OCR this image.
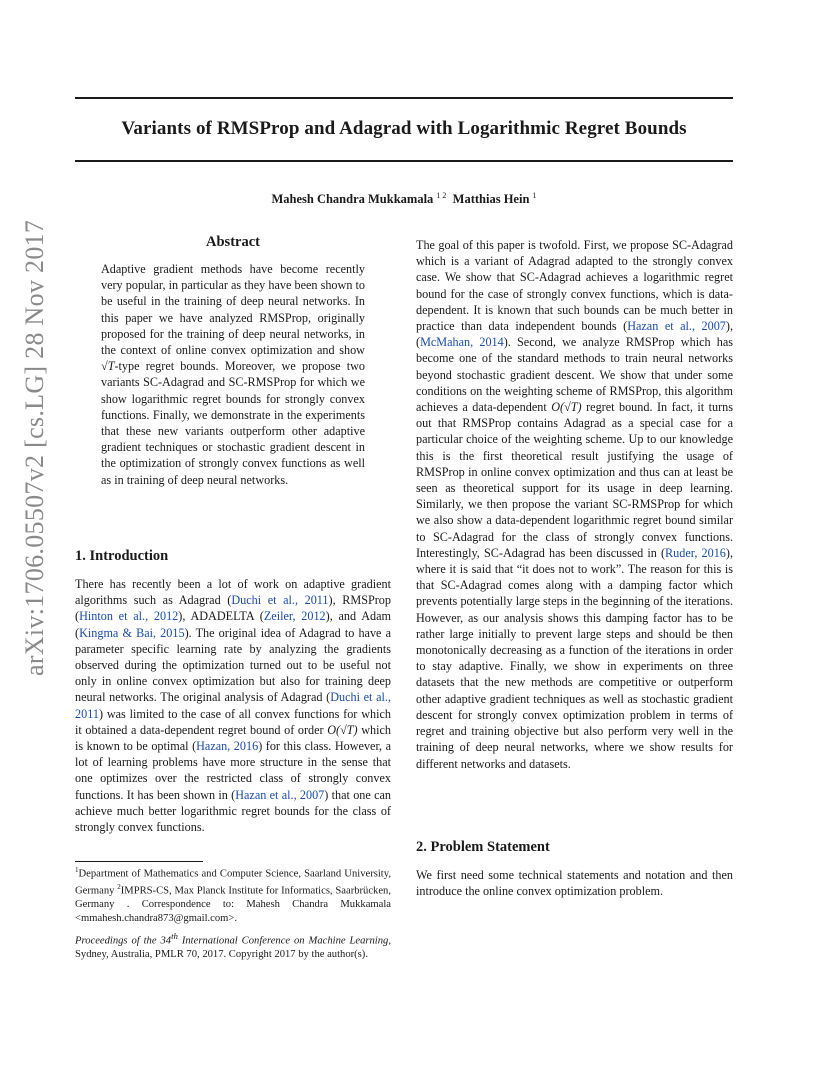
arXiv:1706.05507v2 [cs.LG] 28 Nov 2017
Variants of RMSProp and Adagrad with Logarithmic Regret Bounds
Mahesh Chandra Mukkamala $^{1 2}$ Matthias Hein $^1$
Abstract

Adaptive gradient methods have become recently very popular, in particular as they have been shown to be useful in the training of deep neural networks. In this paper we have analyzed RMSProp, originally proposed for the training of deep neural networks, in the context of online convex optimization and show √T-type regret bounds. Moreover, we propose two variants SC-Adagrad and SC-RMSProp for which we show logarithmic regret bounds for strongly convex functions. Finally, we demonstrate in the experiments that these new variants outperform other adaptive gradient techniques or stochastic gradient descent in the optimization of strongly convex functions as well as in training of deep neural networks.

1. Introduction

There has recently been a lot of work on adaptive gradient algorithms such as Adagrad (Duchi et al., 2011), RMSProp (Hinton et al., 2012), ADADELTA (Zeiler, 2012), and Adam (Kingma & Bai, 2015). The original idea of Adagrad to have a parameter specific learning rate by analyzing the gradients observed during the optimization turned out to be useful not only in online convex optimization but also for training deep neural networks. The original analysis of Adagrad (Duchi et al., 2011) was limited to the case of all convex functions for which it obtained a data-dependent regret bound of order O(√T) which is known to be optimal (Hazan, 2016) for this class. However, a lot of learning problems have more structure in the sense that one optimizes over the restricted class of strongly convex functions. It has been shown in (Hazan et al., 2007) that one can achieve much better logarithmic regret bounds for the class of strongly convex functions.

$^1$Department of Mathematics and Computer Science, Saarland University, Germany $^2$IMPRS-CS, Max Planck Institute for Informatics, Saarbrücken, Germany . Correspondence to: Mahesh Chandra Mukkamala <mmahesh.chandra873@gmail.com>.

Proceedings of the 34th International Conference on Machine Learning, Sydney, Australia, PMLR 70, 2017. Copyright 2017 by the author(s).

The goal of this paper is twofold. First, we propose SC-Adagrad which is a variant of Adagrad adapted to the strongly convex case. We show that SC-Adagrad achieves a logarithmic regret bound for the case of strongly convex functions, which is data-dependent. It is known that such bounds can be much better in practice than data independent bounds (Hazan et al., 2007),(McMahan, 2014). Second, we analyze RMSProp which has become one of the standard methods to train neural networks beyond stochastic gradient descent. We show that under some conditions on the weighting scheme of RMSProp, this algorithm achieves a data-dependent O(√T) regret bound. In fact, it turns out that RMSProp contains Adagrad as a special case for a particular choice of the weighting scheme. Up to our knowledge this is the first theoretical result justifying the usage of RMSProp in online convex optimization and thus can at least be seen as theoretical support for its usage in deep learning. Similarly, we then propose the variant SC-RMSProp for which we also show a data-dependent logarithmic regret bound similar to SC-Adagrad for the class of strongly convex functions. Interestingly, SC-Adagrad has been discussed in (Ruder, 2016), where it is said that “it does not to work”. The reason for this is that SC-Adagrad comes along with a damping factor which prevents potentially large steps in the beginning of the iterations. However, as our analysis shows this damping factor has to be rather large initially to prevent large steps and should be then monotonically decreasing as a function of the iterations in order to stay adaptive. Finally, we show in experiments on three datasets that the new methods are competitive or outperform other adaptive gradient techniques as well as stochastic gradient descent for strongly convex optimization problem in terms of regret and training objective but also perform very well in the training of deep neural networks, where we show results for different networks and datasets.

2. Problem Statement

We first need some technical statements and notation and then introduce the online convex optimization problem.
